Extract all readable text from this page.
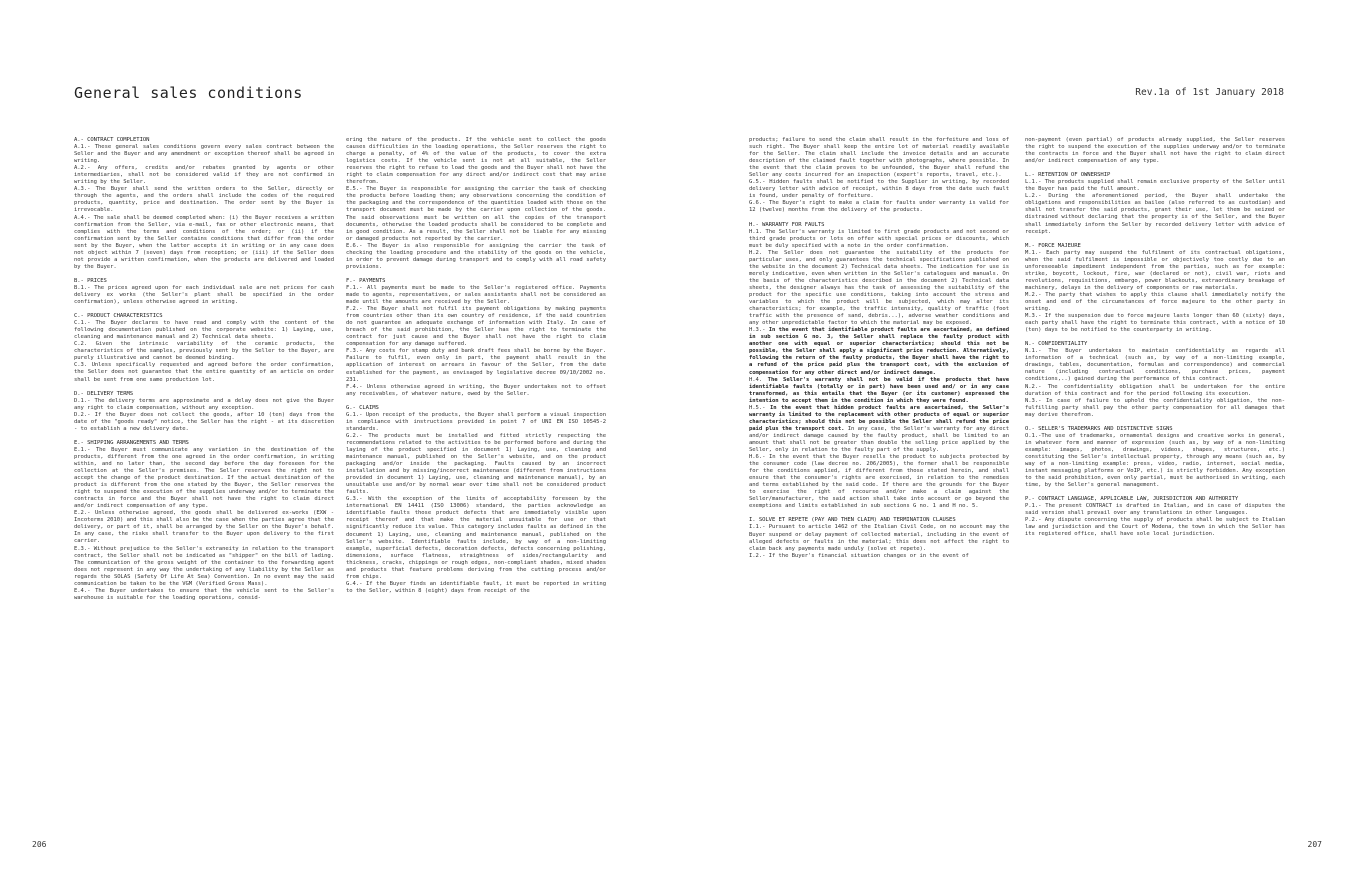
General sales conditions	Rev.1a of 1st January 2018

A.- CONTRACT COMPLETION

A.1.- These general sales conditions govern every sales contract between the Seller and the Buyer and any amendment or exception thereof shall be agreed in writing.

A.2.- Any offers, credits and/or rebates granted by agents or other intermediaries, shall not be considered valid if they are not confirmed in writing by the Seller.

A.3.- The Buyer shall send the written orders to the Seller, directly or through the agents, and the orders shall include the codes of the required products, quantity, price and destination. The order sent by the Buyer is irrevocable.

A.4.- The sale shall be deemed completed when: (i) the Buyer receives a written confirmation from the Seller, via e-mail, fax or other electronic means, that complies with the terms and conditions of the order; or (ii) if the confirmation sent by the Seller contains conditions that differ from the order sent by the Buyer, when the latter accepts it in writing or in any case does not object within 7 (seven) days from reception; or (iii) if the Seller does not provide a written confirmation, when the products are delivered and loaded by the Buyer.

B.- PRICES

B.1.- The prices agreed upon for each individual sale are net prices for cash delivery ex works (the Seller's plant shall be specified in the order confirmation), unless otherwise agreed in writing.

C.- PRODUCT CHARACTERISTICS

C.1.- The Buyer declares to have read and comply with the content of the following documentation published on the corporate website: 1) Laying, use, cleaning and maintenance manual and 2) Technical data sheets.

C.2. Given the intrinsic variability of the ceramic products, the characteristics of the samples, previously sent by the Seller to the Buyer, are purely illustrative and cannot be deemed binding.

C.3. Unless specifically requested and agreed before the order confirmation, the Seller does not guarantee that the entire quantity of an article on order shall be sent from one same production lot.

D.- DELIVERY TERMS

D.1.- The delivery terms are approximate and a delay does not give the Buyer any right to claim compensation, without any exception.

D.2.- If the Buyer does not collect the goods, after 10 (ten) days from the date of the "goods ready" notice, the Seller has the right - at its discretion - to establish a new delivery date.

E.- SHIPPING ARRANGEMENTS AND TERMS

E.1.- The Buyer must communicate any variation in the destination of the products, different from the one agreed in the order confirmation, in writing within, and no later than, the second day before the day foreseen for the collection at the Seller's premises. The Seller reserves the right not to accept the change of the product destination. If the actual destination of the product is different from the one stated by the Buyer, the Seller reserves the right to suspend the execution of the supplies underway and/or to terminate the contracts in force and the Buyer shall not have the right to claim direct and/or indirect compensation of any type.

E.2.- Unless otherwise agreed, the goods shall be delivered ex-works (EXW - Incoterms 2010) and this shall also be the case when the parties agree that the delivery, or part of it, shall be arranged by the Seller on the Buyer's behalf. In any case, the risks shall transfer to the Buyer upon delivery to the first carrier.

E.3.- Without prejudice to the Seller's extraneity in relation to the transport contract, the Seller shall not be indicated as "shipper" on the bill of lading. The communication of the gross weight of the container to the forwarding agent does not represent in any way the undertaking of any liability by the Seller as regards the SOLAS (Safety Of Life At Sea) Convention. In no event may the said communication be taken to be the VGM (Verified Gross Mass).

E.4.- The Buyer undertakes to ensure that the vehicle sent to the Seller's warehouse is suitable for the loading operations, consid-

ering the nature of the products. If the vehicle sent to collect the goods causes difficulties in the loading operations, the Seller reserves the right to charge a penalty, of 4% of the value of the products, to cover the extra logistics costs. If the vehicle sent is not at all suitable, the Seller reserves the right to refuse to load the goods and the Buyer shall not have the right to claim compensation for any direct and/or indirect cost that may arise therefrom.

E.5.- The Buyer is responsible for assigning the carrier the task of checking the products before loading them; any observations concerning the condition of the packaging and the correspondence of the quantities loaded with those on the transport document must be made by the carrier upon collection of the goods. The said observations must be written on all the copies of the transport documents, otherwise the loaded products shall be considered to be complete and in good condition. As a result, the Seller shall not be liable for any missing or damaged products not reported by the carrier.

E.6.- The Buyer is also responsible for assigning the carrier the task of checking the loading procedure and the stability of the goods on the vehicle, in order to prevent damage during transport and to comply with all road safety provisions.

F.- PAYMENTS

F.1.- All payments must be made to the Seller's registered office. Payments made to agents, representatives, or sales assistants shall not be considered as made until the amounts are received by the Seller.

F.2.- The Buyer shall not fulfil its payment obligations by making payments from countries other than its own country of residence, if the said countries do not guarantee an adequate exchange of information with Italy. In case of breach of the said prohibition, the Seller has the right to terminate the contract for just cause and the Buyer shall not have the right to claim compensation for any damage suffered.

F.3.- Any costs for stamp duty and bank draft fees shall be borne by the Buyer. Failure to fulfil, even only in part, the payment shall result in the application of interest on arrears in favour of the Seller, from the date established for the payment, as envisaged by legislative decree 09/10/2002 no. 231.

F.4.- Unless otherwise agreed in writing, the Buyer undertakes not to offset any receivables, of whatever nature, owed by the Seller.

G.- CLAIMS

G.1.- Upon receipt of the products, the Buyer shall perform a visual inspection in compliance with instructions provided in point 7 of UNI EN ISO 10545-2 standards.

G.2.- The products must be installed and fitted strictly respecting the recommendations related to the activities to be performed before and during the laying of the product specified in document 1) Laying, use, cleaning and maintenance manual, published on the Seller's website, and on the product packaging and/or inside the packaging. Faults caused by an incorrect installation and by missing/incorrect maintenance (different from instructions provided in document 1) Laying, use, cleaning and maintenance manual), by an unsuitable use and/or by normal wear over time shall not be considered product faults.

G.3.- With the exception of the limits of acceptability foreseen by the international EN 14411 (ISO 13006) standard, the parties acknowledge as identifiable faults those product defects that are immediately visible upon receipt thereof and that make the material unsuitable for use or that significantly reduce its value. This category includes faults as defined in the document 1) Laying, use, cleaning and maintenance manual, published on the Seller's website. Identifiable faults include, by way of a non-limiting example, superficial defects, decoration defects, defects concerning polishing, dimensions, surface flatness, straightness of sides/rectangularity and thickness, cracks, chippings or rough edges, non-compliant shades, mixed shades and products that feature problems deriving from the cutting process and/or from chips.

G.4.- If the Buyer finds an identifiable fault, it must be reported in writing to the Seller, within 8 (eight) days from receipt of the

products; failure to send the claim shall result in the forfeiture and loss of such right. The Buyer shall keep the entire lot of material readily available for the Seller. The claim shall include the invoice details and an accurate description of the claimed fault together with photographs, where possible. In the event that the claim proves to be unfounded, the Buyer shall refund the Seller any costs incurred for an inspection (expert's reports, travel, etc.).

G.5.- Hidden faults shall be notified to the Supplier in writing, by recorded delivery letter with advice of receipt, within 8 days from the date such fault is found, under penalty of forfeiture.

G.6.- The Buyer's right to make a claim for faults under warranty is valid for 12 (twelve) months from the delivery of the products.

H.- WARRANTY FOR FAULTS

H.1. The Seller's warranty is limited to first grade products and not second or third grade products or lots on offer with special prices or discounts, which must be duly specified with a note in the order confirmation.

H.2. The Seller does not guarantee the suitability of the products for particular uses, and only guarantees the technical specifications published on the website in the document 2) Technical data sheets. The indication for use is merely indicative, even when written in the Seller's catalogues and manuals. On the basis of the characteristics described in the document 2) Technical data sheets, the designer always has the task of assessing the suitability of the product for the specific use conditions, taking into account the stress and variables to which the product will be subjected, which may alter its characteristics; for example, the traffic intensity, quality of traffic (foot traffic with the presence of sand, debris...), adverse weather conditions and any other unpredictable factor to which the material may be exposed.

H.3.- In the event that identifiable product faults are ascertained, as defined in sub section G no. 3, the Seller shall replace the faulty product with another one with equal or superior characteristics; should this not be possible, the Seller shall apply a significant price reduction. Alternatively, following the return of the faulty products, the Buyer shall have the right to a refund of the price paid plus the transport cost, with the exclusion of compensation for any other direct and/or indirect damage.

H.4. The Seller's warranty shall not be valid if the products that have identifiable faults (totally or in part) have been used and/ or in any case transformed, as this entails that the Buyer (or its customer) expressed the intention to accept them in the condition in which they were found.

H.5.- In the event that hidden product faults are ascertained, the Seller's warranty is limited to the replacement with other products of equal or superior characteristics; should this not be possible the Seller shall refund the price paid plus the transport cost. In any case, the Seller's warranty for any direct and/or indirect damage caused by the faulty product, shall be limited to an amount that shall not be greater than double the selling price applied by the Seller, only in relation to the faulty part of the supply.

H.6.- In the event that the Buyer resells the product to subjects protected by the consumer code (law decree no. 206/2005), the former shall be responsible for the conditions applied, if different from those stated herein, and shall ensure that the consumer's rights are exercised, in relation to the remedies and terms established by the said code. If there are the grounds for the Buyer to exercise the right of recourse and/or make a claim against the Seller/manufacturer, the said action shall take into account or go beyond the exemptions and limits established in sub sections G no. 1 and H no. 5.

I. SOLVE ET REPETE (PAY AND THEN CLAIM) AND TERMINATION CLAUSES

I.1.- Pursuant to article 1462 of the Italian Civil Code, on no account may the Buyer suspend or delay payment of collected material, including in the event of alleged defects or faults in the material; this does not affect the right to claim back any payments made unduly (solve et repete).

I.2.- If the Buyer's financial situation changes or in the event of

non-payment (even partial) of products already supplied, the Seller reserves the right to suspend the execution of the supplies underway and/or to terminate the contracts in force and the Buyer shall not have the right to claim direct and/or indirect compensation of any type.

L.- RETENTION OF OWNERSHIP

L.1.- The products supplied shall remain exclusive property of the Seller until the Buyer has paid the full amount.

L.2.- During the aforementioned period, the Buyer shall undertake the obligations and responsibilities as bailee (also referred to as custodian) and shall not transfer the said products, grant their use, let them be seized or distrained without declaring that the property is of the Seller, and the Buyer shall immediately inform the Seller by recorded delivery letter with advice of receipt.

M.- FORCE MAJEURE

M.1.- Each party may suspend the fulfilment of its contractual obligations, when the said fulfilment is impossible or objectively too costly due to an unforeseeable impediment independent from the parties, such as for example: strike, boycott, lockout, fire, war (declared or not), civil war, riots and revolutions, requisitions, embargo, power blackouts, extraordinary breakage of machinery, delays in the delivery of components or raw materials.

M.2.- The party that wishes to apply this clause shall immediately notify the onset and end of the circumstances of force majeure to the other party in writing.

M.3.- If the suspension due to force majeure lasts longer than 60 (sixty) days, each party shall have the right to terminate this contract, with a notice of 10 (ten) days to be notified to the counterparty in writing.

N.- CONFIDENTIALITY

N.1.- The Buyer undertakes to maintain confidentiality as regards all information of a technical (such as, by way of a non-limiting example, drawings, tables, documentation, formulas and correspondence) and commercial nature (including contractual conditions, purchase prices, payment conditions,..) gained during the performance of this contract.

N.2.- The confidentiality obligation shall be undertaken for the entire duration of this contract and for the period following its execution.

N.3.- In case of failure to uphold the confidentiality obligation, the non-fulfilling party shall pay the other party compensation for all damages that may derive therefrom.

O.- SELLER'S TRADEMARKS AND DISTINCTIVE SIGNS

O.1.-The use of trademarks, ornamental designs and creative works in general, in whatever form and manner of expression (such as, by way of a non-limiting example: images, photos, drawings, videos, shapes, structures, etc.) constituting the Seller's intellectual property, through any means (such as, by way of a non-limiting example: press, video, radio, internet, social media, instant messaging platforms or VoIP, etc.) is strictly forbidden. Any exception to the said prohibition, even only partial, must be authorised in writing, each time, by the Seller's general management.

P.- CONTRACT LANGUAGE, APPLICABLE LAW, JURISDICTION AND AUTHORITY

P.1.- The present CONTRACT is drafted in Italian, and in case of disputes the said version shall prevail over any translations in other languages.

P.2.- Any dispute concerning the supply of products shall be subject to Italian law and jurisdiction and the Court of Modena, the town in which the Seller has its registered office, shall have sole local jurisdiction.

206	207
